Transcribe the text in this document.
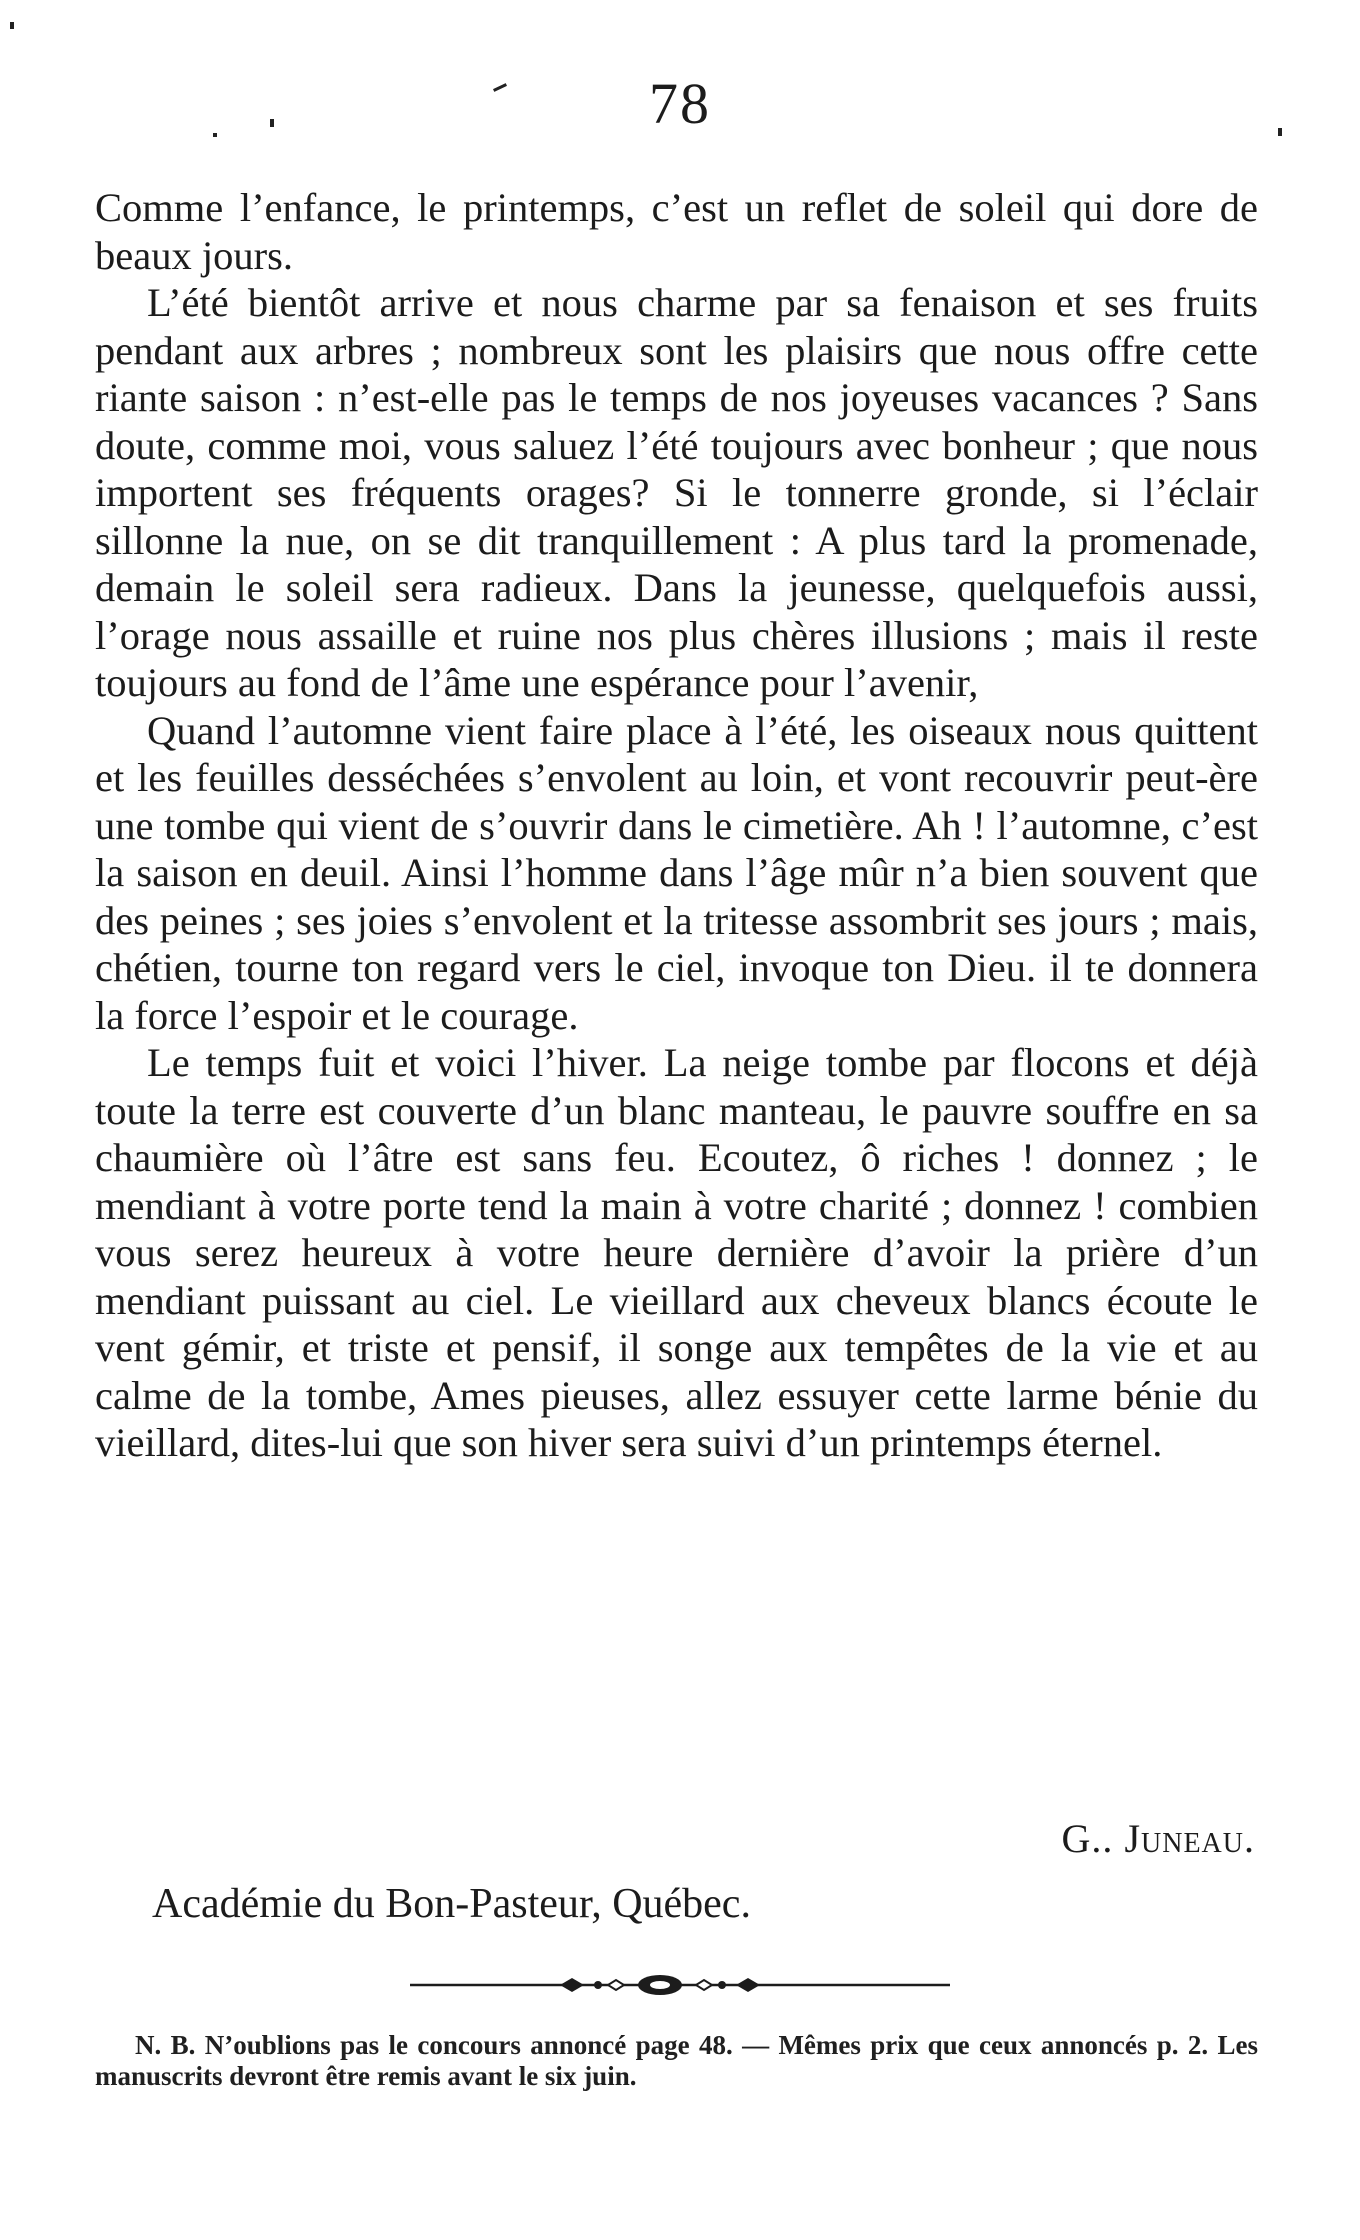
78

Comme l’enfance, le printemps, c’est un reflet de soleil qui dore de beaux jours.

L’été bientôt arrive et nous charme par sa fenaison et ses fruits pendant aux arbres ; nombreux sont les plaisirs que nous offre cette riante saison : n’est-elle pas le temps de nos joyeuses vacances ? Sans doute, comme moi, vous saluez l’été toujours avec bonheur ; que nous importent ses fréquents orages? Si le tonnerre gronde, si l’éclair sillonne la nue, on se dit tranquillement : A plus tard la promenade, demain le soleil sera radieux. Dans la jeunesse, quelquefois aussi, l’orage nous assaille et ruine nos plus chères illusions ; mais il reste toujours au fond de l’âme une espérance pour l’avenir,

Quand l’automne vient faire place à l’été, les oiseaux nous quittent et les feuilles desséchées s’envolent au loin, et vont recouvrir peut-ère une tombe qui vient de s’ouvrir dans le cimetière. Ah ! l’automne, c’est la saison en deuil. Ainsi l’homme dans l’âge mûr n’a bien souvent que des peines ; ses joies s’envolent et la tritesse assombrit ses jours ; mais, chétien, tourne ton regard vers le ciel, invoque ton Dieu. il te donnera la force l’espoir et le courage.

Le temps fuit et voici l’hiver. La neige tombe par flocons et déjà toute la terre est couverte d’un blanc manteau, le pauvre souffre en sa chaumière où l’âtre est sans feu. Ecoutez, ô riches ! donnez ; le mendiant à votre porte tend la main à votre charité ; donnez ! combien vous serez heureux à votre heure dernière d’avoir la prière d’un mendiant puissant au ciel. Le vieillard aux cheveux blancs écoute le vent gémir, et triste et pensif, il songe aux tempêtes de la vie et au calme de la tombe, Ames pieuses, allez essuyer cette larme bénie du vieillard, dites-lui que son hiver sera suivi d’un printemps éternel.

G.. Juneau.
Académie du Bon-Pasteur, Québec.

N. B. N’oublions pas le concours annoncé page 48. — Mêmes prix que ceux annoncés p. 2. Les manuscrits devront être remis avant le six juin.
